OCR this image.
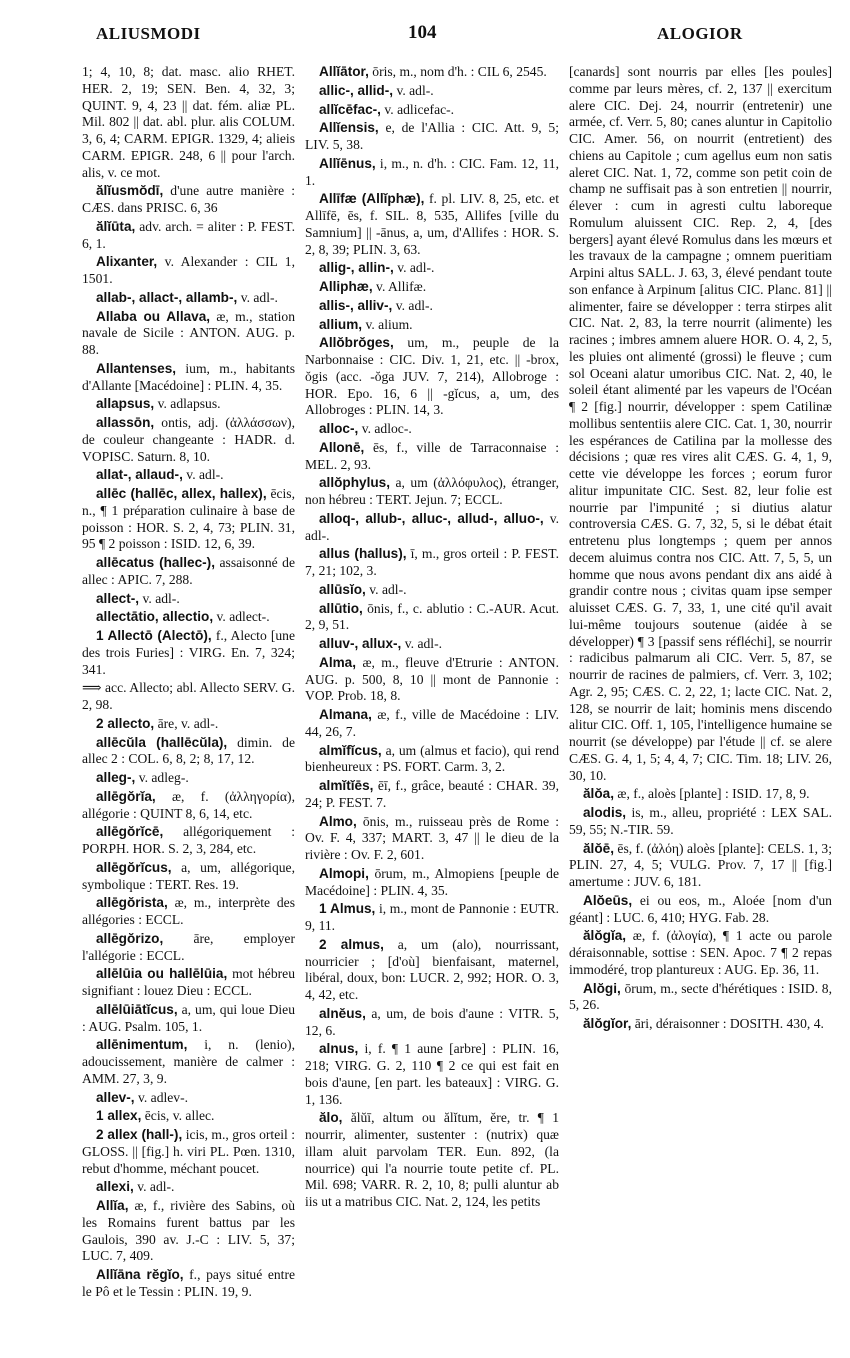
ALIUSMODI	104	ALOGIOR

1; 4, 10, 8; dat. masc. alio RHET. HER. 2, 19; SEN. Ben. 4, 32, 3; QUINT. 9, 4, 23 || dat. fém. aliæ PL. Mil. 802 || dat. abl. plur. alis COLUM. 3, 6, 4; CARM. EPIGR. 1329, 4; alieis CARM. EPIGR. 248, 6 || pour l'arch. alis, v. ce mot.

ălĭusmŏdī, d'une autre manière : CÆS. dans PRISC. 6, 36

ălĭūta, adv. arch. = aliter : P. FEST. 6, 1.

Alixanter, v. Alexander : CIL 1, 1501.

allab-, allact-, allamb-, v. adl-.

Allaba ou Allava, æ, m., station navale de Sicile : ANTON. AUG. p. 88.

Allantenses, ium, m., habitants d'Allante [Macédoine] : PLIN. 4, 35.

allapsus, v. adlapsus.

allassōn, ontis, adj. (ἀλλάσσων), de couleur changeante : HADR. d. VOPISC. Saturn. 8, 10.

allat-, allaud-, v. adl-.

allēc (hallēc, allex, hallex), ēcis, n., ¶ 1 préparation culinaire à base de poisson : HOR. S. 2, 4, 73; PLIN. 31, 95 ¶ 2 poisson : ISID. 12, 6, 39.

allēcatus (hallec-), assaisonné de allec : APIC. 7, 288.

allect-, v. adl-.

allectātio, allectio, v. adlect-.

1 Allectō (Alectō), f., Alecto [une des trois Furies] : VIRG. En. 7, 324; 341.

⟹ acc. Allecto; abl. Allecto SERV. G. 2, 98.

2 allecto, āre, v. adl-.

allēcŭla (hallēcŭla), dimin. de allec 2 : COL. 6, 8, 2; 8, 17, 12.

alleg-, v. adleg-.

allēgŏrĭa, æ, f. (ἀλληγορία), allégorie : QUINT 8, 6, 14, etc.

allēgŏrĭcē, allégoriquement : PORPH. HOR. S. 2, 3, 284, etc.

allēgŏrĭcus, a, um, allégorique, symbolique : TERT. Res. 19.

allēgŏrista, æ, m., interprète des allégories : ECCL.

allēgŏrizo, āre, employer l'allégorie : ECCL.

allēlūia ou hallēlūia, mot hébreu signifiant : louez Dieu : ECCL.

allēlūiātĭcus, a, um, qui loue Dieu : AUG. Psalm. 105, 1.

allēnimentum, i, n. (lenio), adoucissement, manière de calmer : AMM. 27, 3, 9.

allev-, v. adlev-.

1 allex, ēcis, v. allec.

2 allex (hall-), icis, m., gros orteil : GLOSS. || [fig.] h. viri PL. Pœn. 1310, rebut d'homme, méchant poucet.

allexi, v. adl-.

Allĭa, æ, f., rivière des Sabins, où les Romains furent battus par les Gaulois, 390 av. J.-C : LIV. 5, 37; LUC. 7, 409.

Allĭāna rĕgĭo, f., pays situé entre le Pô et le Tessin : PLIN. 19, 9.

Allĭātor, ōris, m., nom d'h. : CIL 6, 2545.

allic-, allid-, v. adl-.

allĭcēfac-, v. adlicefac-.

Allĭensis, e, de l'Allia : CIC. Att. 9, 5; LIV. 5, 38.

Allĭēnus, i, m., n. d'h. : CIC. Fam. 12, 11, 1.

Allīfæ (Allĭphæ), f. pl. LIV. 8, 25, etc. et Allīfē, ēs, f. SIL. 8, 535, Allifes [ville du Samnium] || -ānus, a, um, d'Allifes : HOR. S. 2, 8, 39; PLIN. 3, 63.

allig-, allin-, v. adl-.

Alliphæ, v. Allifæ.

allis-, alliv-, v. adl-.

allium, v. alium.

Allŏbrŏges, um, m., peuple de la Narbonnaise : CIC. Div. 1, 21, etc. || -brox, ŏgis (acc. -ŏga JUV. 7, 214), Allobroge : HOR. Epo. 16, 6 || -gĭcus, a, um, des Allobroges : PLIN. 14, 3.

alloc-, v. adloc-.

Allonē, ēs, f., ville de Tarraconnaise : MEL. 2, 93.

allŏphylus, a, um (ἀλλόφυλος), étranger, non hébreu : TERT. Jejun. 7; ECCL.

alloq-, allub-, alluc-, allud-, alluo-, v. adl-.

allus (hallus), ī, m., gros orteil : P. FEST. 7, 21; 102, 3.

allūsĭo, v. adl-.

allūtio, ōnis, f., c. ablutio : C.-AUR. Acut. 2, 9, 51.

alluv-, allux-, v. adl-.

Alma, æ, m., fleuve d'Etrurie : ANTON. AUG. p. 500, 8, 10 || mont de Pannonie : VOP. Prob. 18, 8.

Almana, æ, f., ville de Macédoine : LIV. 44, 26, 7.

almĭfĭcus, a, um (almus et facio), qui rend bienheureux : PS. FORT. Carm. 3, 2.

almĭtĭēs, ēī, f., grâce, beauté : CHAR. 39, 24; P. FEST. 7.

Almo, ōnis, m., ruisseau près de Rome : Ov. F. 4, 337; MART. 3, 47 || le dieu de la rivière : Ov. F. 2, 601.

Almopi, ōrum, m., Almopiens [peuple de Macédoine] : PLIN. 4, 35.

1 Almus, i, m., mont de Pannonie : EUTR. 9, 11.

2 almus, a, um (alo), nourrissant, nourricier ; [d'où] bienfaisant, maternel, libéral, doux, bon: LUCR. 2, 992; HOR. O. 3, 4, 42, etc.

alnĕus, a, um, de bois d'aune : VITR. 5, 12, 6.

alnus, i, f. ¶ 1 aune [arbre] : PLIN. 16, 218; VIRG. G. 2, 110 ¶ 2 ce qui est fait en bois d'aune, [en part. les bateaux] : VIRG. G. 1, 136.

ălo, ălŭī, altum ou ălĭtum, ĕre, tr. ¶ 1 nourrir, alimenter, sustenter : (nutrix) quæ illam aluit parvolam TER. Eun. 892, (la nourrice) qui l'a nourrie toute petite cf. PL. Mil. 698; VARR. R. 2, 10, 8; pulli aluntur ab iis ut a matribus CIC. Nat. 2, 124, les petits

[canards] sont nourris par elles [les poules] comme par leurs mères, cf. 2, 137 || exercitum alere CIC. Dej. 24, nourrir (entretenir) une armée, cf. Verr. 5, 80; canes aluntur in Capitolio CIC. Amer. 56, on nourrit (entretient) des chiens au Capitole ; cum agellus eum non satis aleret CIC. Nat. 1, 72, comme son petit coin de champ ne suffisait pas à son entretien || nourrir, élever : cum in agresti cultu laboreque Romulum aluissent CIC. Rep. 2, 4, [des bergers] ayant élevé Romulus dans les mœurs et les travaux de la campagne ; omnem pueritiam Arpini altus SALL. J. 63, 3, élevé pendant toute son enfance à Arpinum [alitus CIC. Planc. 81] || alimenter, faire se développer : terra stirpes alit CIC. Nat. 2, 83, la terre nourrit (alimente) les racines ; imbres amnem aluere HOR. O. 4, 2, 5, les pluies ont alimenté (grossi) le fleuve ; cum sol Oceani alatur umoribus CIC. Nat. 2, 40, le soleil étant alimenté par les vapeurs de l'Océan ¶ 2 [fig.] nourrir, développer : spem Catilinæ mollibus sententiis alere CIC. Cat. 1, 30, nourrir les espérances de Catilina par la mollesse des décisions ; quæ res vires alit CÆS. G. 4, 1, 9, cette vie développe les forces ; eorum furor alitur impunitate CIC. Sest. 82, leur folie est nourrie par l'impunité ; si diutius alatur controversia CÆS. G. 7, 32, 5, si le débat était entretenu plus longtemps ; quem per annos decem aluimus contra nos CIC. Att. 7, 5, 5, un homme que nous avons pendant dix ans aidé à grandir contre nous ; civitas quam ipse semper aluisset CÆS. G. 7, 33, 1, une cité qu'il avait lui-même toujours soutenue (aidée à se développer) ¶ 3 [passif sens réfléchi], se nourrir : radicibus palmarum ali CIC. Verr. 5, 87, se nourrir de racines de palmiers, cf. Verr. 3, 102; Agr. 2, 95; CÆS. C. 2, 22, 1; lacte CIC. Nat. 2, 128, se nourrir de lait; hominis mens discendo alitur CIC. Off. 1, 105, l'intelligence humaine se nourrit (se développe) par l'étude || cf. se alere CÆS. G. 4, 1, 5; 4, 4, 7; CIC. Tim. 18; LIV. 26, 30, 10.

ălŏa, æ, f., aloès [plante] : ISID. 17, 8, 9.

alodis, is, m., alleu, propriété : LEX SAL. 59, 55; N.-TIR. 59.

ălŏē, ēs, f. (ἀλόη) aloès [plante]: CELS. 1, 3; PLIN. 27, 4, 5; VULG. Prov. 7, 17 || [fig.] amertume : JUV. 6, 181.

Alŏeūs, ei ou eos, m., Aloée [nom d'un géant] : LUC. 6, 410; HYG. Fab. 28.

ălŏgĭa, æ, f. (ἀλογία), ¶ 1 acte ou parole déraisonnable, sottise : SEN. Apoc. 7 ¶ 2 repas immodéré, trop plantureux : AUG. Ep. 36, 11.

Alŏgi, ōrum, m., secte d'hérétiques : ISID. 8, 5, 26.

ălŏgĭor, āri, déraisonner : DOSITH. 430, 4.
